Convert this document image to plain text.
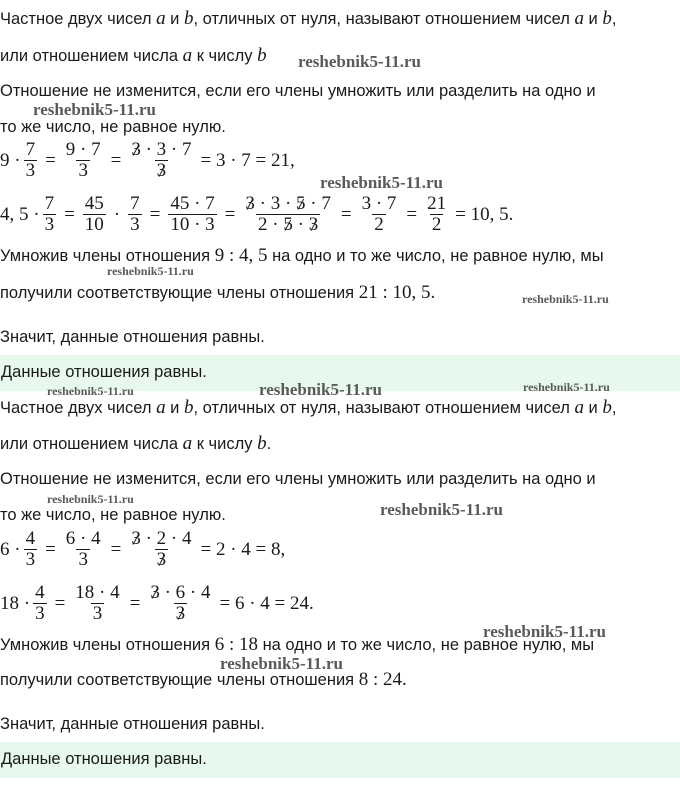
Частное двух чисел a и b, отличных от нуля, называют отношением чисел a и b,
или отношением числа a к числу b
Отношение не изменится, если его члены умножить или разделить на одно и
то же число, не равное нулю.
$9 \cdot \frac{7}{3} = \frac{9 \cdot 7}{3} = \frac{3 \cdot 3 \cdot 7}{3} = 3 \cdot 7 = 21$,
4, $5 \cdot \frac{7}{3} = \frac{45}{10} \cdot \frac{7}{3} = \frac{45 \cdot 7}{10 \cdot 3} = \frac{3 \cdot 3 \cdot 5 \cdot 7}{2 \cdot 5 \cdot 3} = \frac{3 \cdot 7}{2} = \frac{21}{2} = 10$, 5.
Умножив члены отношения 9 : 4, 5 на одно и то же число, не равное нулю, мы
получили соответствующие члены отношения 21 : 10, 5.
Значит, данные отношения равны.
Данные отношения равны.
Частное двух чисел a и b, отличных от нуля, называют отношением чисел a и b,
или отношением числа a к числу b.
Отношение не изменится, если его члены умножить или разделить на одно и
то же число, не равное нулю.
$6 \cdot \frac{4}{3} = \frac{6 \cdot 4}{3} = \frac{3 \cdot 2 \cdot 4}{3} = 2 \cdot 4 = 8$,
$18 \cdot \frac{4}{3} = \frac{18 \cdot 4}{3} = \frac{3 \cdot 6 \cdot 4}{3} = 6 \cdot 4 = 24$.
Умножив члены отношения 6 : 18 на одно и то же число, не равное нулю, мы
получили соответствующие члены отношения 8 : 24.
Значит, данные отношения равны.
Данные отношения равны.
reshebnik5-11.ru
reshebnik5-11.ru
reshebnik5-11.ru
reshebnik5-11.ru
reshebnik5-11.ru
reshebnik5-11.ru	reshebnik5-11.ru	reshebnik5-11.ru
reshebnik5-11.ru
reshebnik5-11.ru
reshebnik5-11.ru
reshebnik5-11.ru
